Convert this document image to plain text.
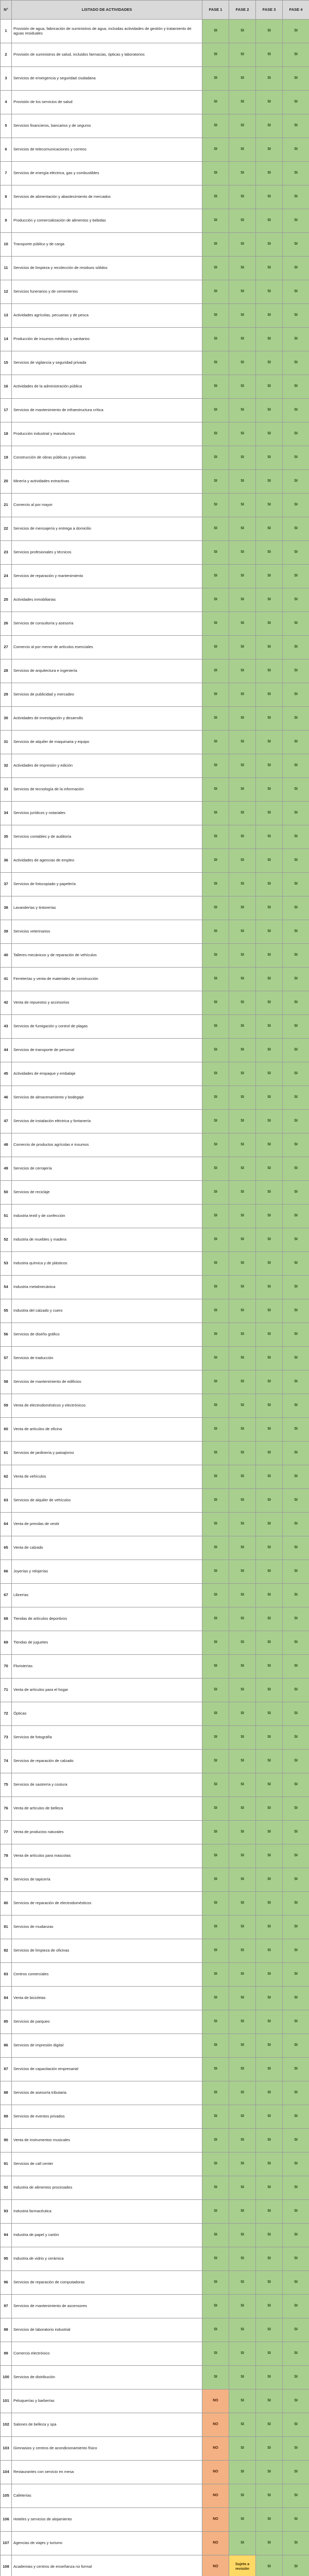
N°	LISTADO DE ACTIVIDADES	FASE 1	FASE 2	FASE 3	FASE 4
1	Provisión de agua, fabricación de suministros de agua, incluidas actividades de gestión y tratamiento de aguas residuales	SI	SI	SI	SI
2	Provisión de suministros de salud, incluidos farmacias, ópticas y laboratorios	SI	SI	SI	SI
3	Servicios de emergencia y seguridad ciudadana	SI	SI	SI	SI
4	Provisión de los servicios de salud	SI	SI	SI	SI
5	Servicios financieros, bancarios y de seguros	SI	SI	SI	SI
6	Servicios de telecomunicaciones y correos	SI	SI	SI	SI
7	Servicios de energía eléctrica, gas y combustibles	SI	SI	SI	SI
8	Servicios de alimentación y abastecimiento de mercados	SI	SI	SI	SI
9	Producción y comercialización de alimentos y bebidas	SI	SI	SI	SI
10	Transporte público y de carga	SI	SI	SI	SI
11	Servicios de limpieza y recolección de residuos sólidos	SI	SI	SI	SI
12	Servicios funerarios y de cementerios	SI	SI	SI	SI
13	Actividades agrícolas, pecuarias y de pesca	SI	SI	SI	SI
14	Producción de insumos médicos y sanitarios	SI	SI	SI	SI
15	Servicios de vigilancia y seguridad privada	SI	SI	SI	SI
16	Actividades de la administración pública	SI	SI	SI	SI
17	Servicios de mantenimiento de infraestructura crítica	SI	SI	SI	SI
18	Producción industrial y manufactura	SI	SI	SI	SI
19	Construcción de obras públicas y privadas	SI	SI	SI	SI
20	Minería y actividades extractivas	SI	SI	SI	SI
21	Comercio al por mayor	SI	SI	SI	SI
22	Servicios de mensajería y entrega a domicilio	SI	SI	SI	SI
23	Servicios profesionales y técnicos	SI	SI	SI	SI
24	Servicios de reparación y mantenimiento	SI	SI	SI	SI
25	Actividades inmobiliarias	SI	SI	SI	SI
26	Servicios de consultoría y asesoría	SI	SI	SI	SI
27	Comercio al por menor de artículos esenciales	SI	SI	SI	SI
28	Servicios de arquitectura e ingeniería	SI	SI	SI	SI
29	Servicios de publicidad y mercadeo	SI	SI	SI	SI
30	Actividades de investigación y desarrollo	SI	SI	SI	SI
31	Servicios de alquiler de maquinaria y equipo	SI	SI	SI	SI
32	Actividades de impresión y edición	SI	SI	SI	SI
33	Servicios de tecnología de la información	SI	SI	SI	SI
34	Servicios jurídicos y notariales	SI	SI	SI	SI
35	Servicios contables y de auditoría	SI	SI	SI	SI
36	Actividades de agencias de empleo	SI	SI	SI	SI
37	Servicios de fotocopiado y papelería	SI	SI	SI	SI
38	Lavanderías y tintorerías	SI	SI	SI	SI
39	Servicios veterinarios	SI	SI	SI	SI
40	Talleres mecánicos y de reparación de vehículos	SI	SI	SI	SI
41	Ferreterías y venta de materiales de construcción	SI	SI	SI	SI
42	Venta de repuestos y accesorios	SI	SI	SI	SI
43	Servicios de fumigación y control de plagas	SI	SI	SI	SI
44	Servicios de transporte de personal	SI	SI	SI	SI
45	Actividades de empaque y embalaje	SI	SI	SI	SI
46	Servicios de almacenamiento y bodegaje	SI	SI	SI	SI
47	Servicios de instalación eléctrica y fontanería	SI	SI	SI	SI
48	Comercio de productos agrícolas e insumos	SI	SI	SI	SI
49	Servicios de cerrajería	SI	SI	SI	SI
50	Servicios de reciclaje	SI	SI	SI	SI
51	Industria textil y de confección	SI	SI	SI	SI
52	Industria de muebles y madera	SI	SI	SI	SI
53	Industria química y de plásticos	SI	SI	SI	SI
54	Industria metalmecánica	SI	SI	SI	SI
55	Industria del calzado y cuero	SI	SI	SI	SI
56	Servicios de diseño gráfico	SI	SI	SI	SI
57	Servicios de traducción	SI	SI	SI	SI
58	Servicios de mantenimiento de edificios	SI	SI	SI	SI
59	Venta de electrodomésticos y electrónicos	SI	SI	SI	SI
60	Venta de artículos de oficina	SI	SI	SI	SI
61	Servicios de jardinería y paisajismo	SI	SI	SI	SI
62	Venta de vehículos	SI	SI	SI	SI
63	Servicios de alquiler de vehículos	SI	SI	SI	SI
64	Venta de prendas de vestir	SI	SI	SI	SI
65	Venta de calzado	SI	SI	SI	SI
66	Joyerías y relojerías	SI	SI	SI	SI
67	Librerías	SI	SI	SI	SI
68	Tiendas de artículos deportivos	SI	SI	SI	SI
69	Tiendas de juguetes	SI	SI	SI	SI
70	Floristerías	SI	SI	SI	SI
71	Venta de artículos para el hogar	SI	SI	SI	SI
72	Ópticas	SI	SI	SI	SI
73	Servicios de fotografía	SI	SI	SI	SI
74	Servicios de reparación de calzado	SI	SI	SI	SI
75	Servicios de sastrería y costura	SI	SI	SI	SI
76	Venta de artículos de belleza	SI	SI	SI	SI
77	Venta de productos naturales	SI	SI	SI	SI
78	Venta de artículos para mascotas	SI	SI	SI	SI
79	Servicios de tapicería	SI	SI	SI	SI
80	Servicios de reparación de electrodomésticos	SI	SI	SI	SI
81	Servicios de mudanzas	SI	SI	SI	SI
82	Servicios de limpieza de oficinas	SI	SI	SI	SI
83	Centros comerciales	SI	SI	SI	SI
84	Venta de bicicletas	SI	SI	SI	SI
85	Servicios de parqueo	SI	SI	SI	SI
86	Servicios de impresión digital	SI	SI	SI	SI
87	Servicios de capacitación empresarial	SI	SI	SI	SI
88	Servicios de asesoría tributaria	SI	SI	SI	SI
89	Servicios de eventos privados	SI	SI	SI	SI
90	Venta de instrumentos musicales	SI	SI	SI	SI
91	Servicios de call center	SI	SI	SI	SI
92	Industria de alimentos procesados	SI	SI	SI	SI
93	Industria farmacéutica	SI	SI	SI	SI
94	Industria de papel y cartón	SI	SI	SI	SI
95	Industria de vidrio y cerámica	SI	SI	SI	SI
96	Servicios de reparación de computadoras	SI	SI	SI	SI
97	Servicios de mantenimiento de ascensores	SI	SI	SI	SI
98	Servicios de laboratorio industrial	SI	SI	SI	SI
99	Comercio electrónico	SI	SI	SI	SI
100	Servicios de distribución	SI	SI	SI	SI
101	Peluquerías y barberías	NO	SI	SI	SI
102	Salones de belleza y spa	NO	SI	SI	SI
103	Gimnasios y centros de acondicionamiento físico	NO	SI	SI	SI
104	Restaurantes con servicio en mesa	NO	SI	SI	SI
105	Cafeterías	NO	SI	SI	SI
106	Hoteles y servicios de alojamiento	NO	SI	SI	SI
107	Agencias de viajes y turismo	NO	SI	SI	SI
108	Academias y centros de enseñanza no formal	NO	Sujeto a revisión	SI	SI
